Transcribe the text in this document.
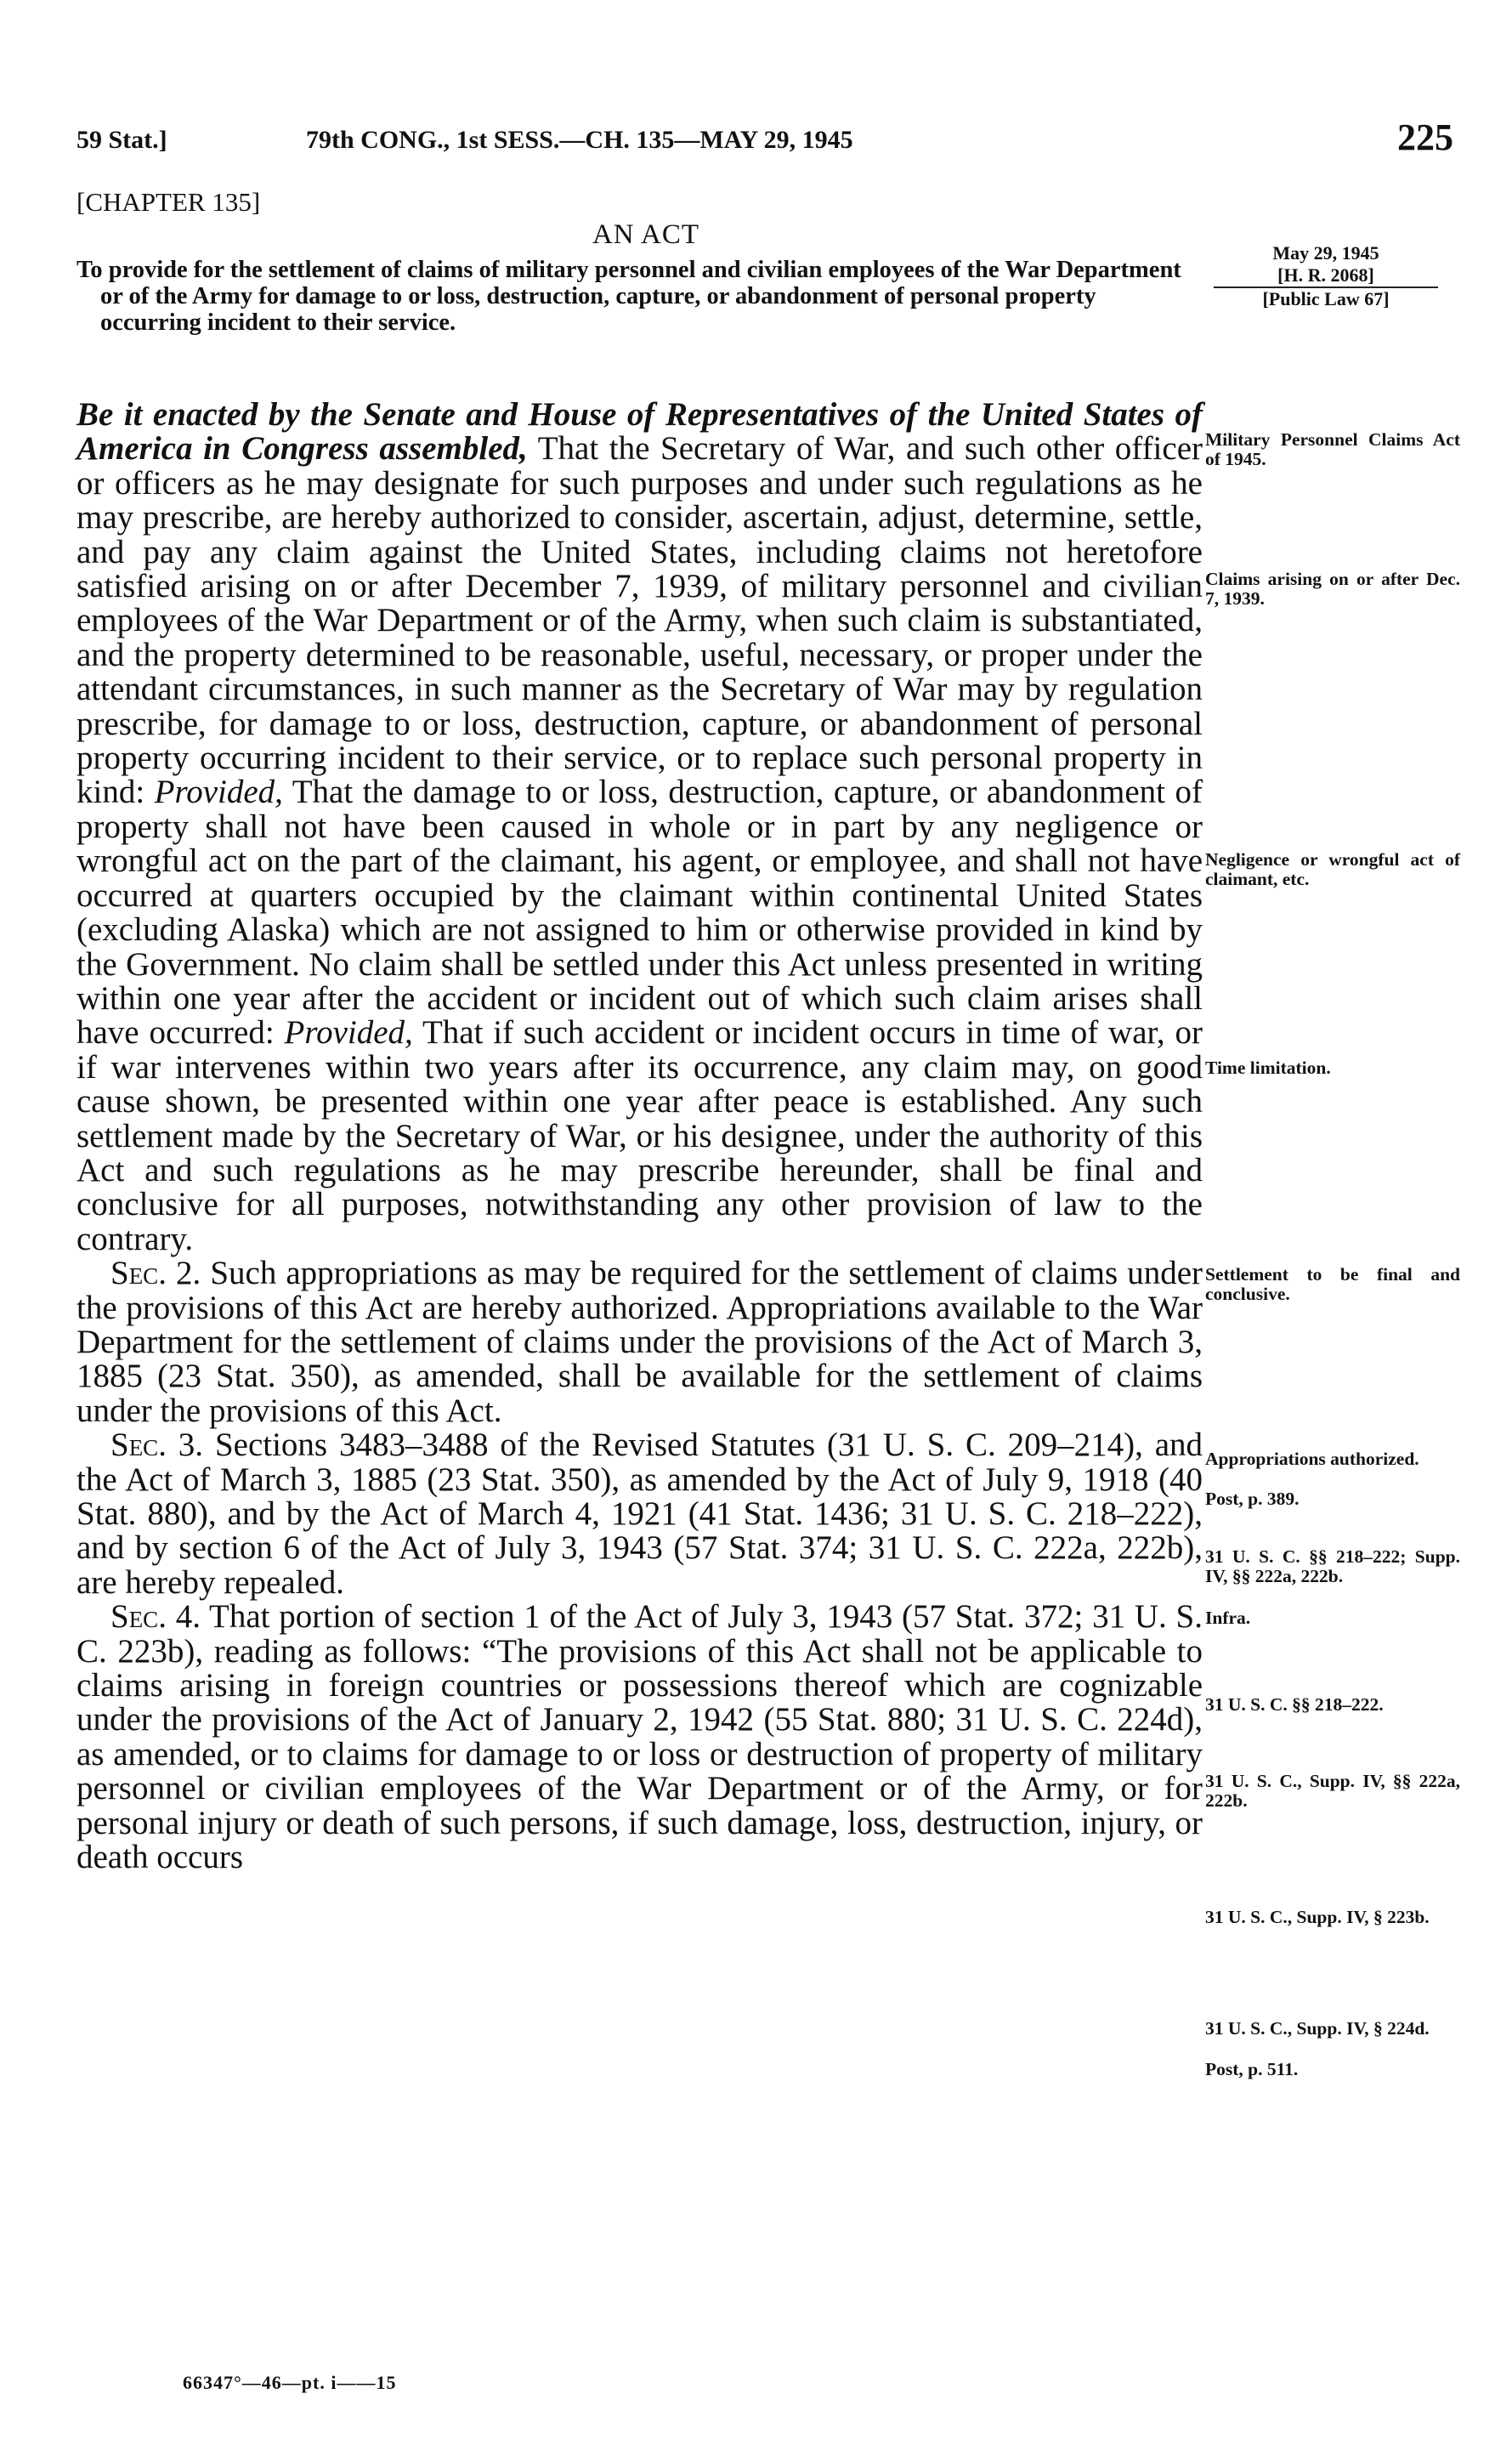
59 Stat.]	79th CONG., 1st SESS.—CH. 135—MAY 29, 1945	225
[CHAPTER 135]
AN ACT
To provide for the settlement of claims of military personnel and civilian employees of the War Department or of the Army for damage to or loss, destruction, capture, or abandonment of personal property occurring incident to their service.
May 29, 1945
[H. R. 2068]
[Public Law 67]

Be it enacted by the Senate and House of Representatives of the United States of America in Congress assembled, That the Secretary of War, and such other officer or officers as he may designate for such purposes and under such regulations as he may prescribe, are hereby authorized to consider, ascertain, adjust, determine, settle, and pay any claim against the United States, including claims not heretofore satisfied arising on or after December 7, 1939, of military personnel and civilian employees of the War Department or of the Army, when such claim is substantiated, and the property determined to be reasonable, useful, necessary, or proper under the attendant circumstances, in such manner as the Secretary of War may by regulation prescribe, for damage to or loss, destruction, capture, or abandonment of personal property occurring incident to their service, or to replace such personal property in kind: Provided, That the damage to or loss, destruction, capture, or abandonment of property shall not have been caused in whole or in part by any negligence or wrongful act on the part of the claimant, his agent, or employee, and shall not have occurred at quarters occupied by the claimant within continental United States (excluding Alaska) which are not assigned to him or otherwise provided in kind by the Government. No claim shall be settled under this Act unless presented in writing within one year after the accident or incident out of which such claim arises shall have occurred: Provided, That if such accident or incident occurs in time of war, or if war intervenes within two years after its occurrence, any claim may, on good cause shown, be presented within one year after peace is established. Any such settlement made by the Secretary of War, or his designee, under the authority of this Act and such regulations as he may prescribe hereunder, shall be final and conclusive for all purposes, notwithstanding any other provision of law to the contrary.

Sec. 2. Such appropriations as may be required for the settlement of claims under the provisions of this Act are hereby authorized. Appropriations available to the War Department for the settlement of claims under the provisions of the Act of March 3, 1885 (23 Stat. 350), as amended, shall be available for the settlement of claims under the provisions of this Act.

Sec. 3. Sections 3483–3488 of the Revised Statutes (31 U. S. C. 209–214), and the Act of March 3, 1885 (23 Stat. 350), as amended by the Act of July 9, 1918 (40 Stat. 880), and by the Act of March 4, 1921 (41 Stat. 1436; 31 U. S. C. 218–222), and by section 6 of the Act of July 3, 1943 (57 Stat. 374; 31 U. S. C. 222a, 222b), are hereby repealed.

Sec. 4. That portion of section 1 of the Act of July 3, 1943 (57 Stat. 372; 31 U. S. C. 223b), reading as follows: “The provisions of this Act shall not be applicable to claims arising in foreign countries or possessions thereof which are cognizable under the provisions of the Act of January 2, 1942 (55 Stat. 880; 31 U. S. C. 224d), as amended, or to claims for damage to or loss or destruction of property of military personnel or civilian employees of the War Department or of the Army, or for personal injury or death of such persons, if such damage, loss, destruction, injury, or death occurs

Military Personnel Claims Act of 1945.
Claims arising on or after Dec. 7, 1939.
Negligence or wrongful act of claimant, etc.
Time limitation.
Settlement to be final and conclusive.
Appropriations authorized.
Post, p. 389.
31 U. S. C. §§ 218–222; Supp. IV, §§ 222a, 222b.
Infra.
31 U. S. C. §§ 218–222.
31 U. S. C., Supp. IV, §§ 222a, 222b.
31 U. S. C., Supp. IV, § 223b.
31 U. S. C., Supp. IV, § 224d.
Post, p. 511.
66347°—46—pt. i——15
